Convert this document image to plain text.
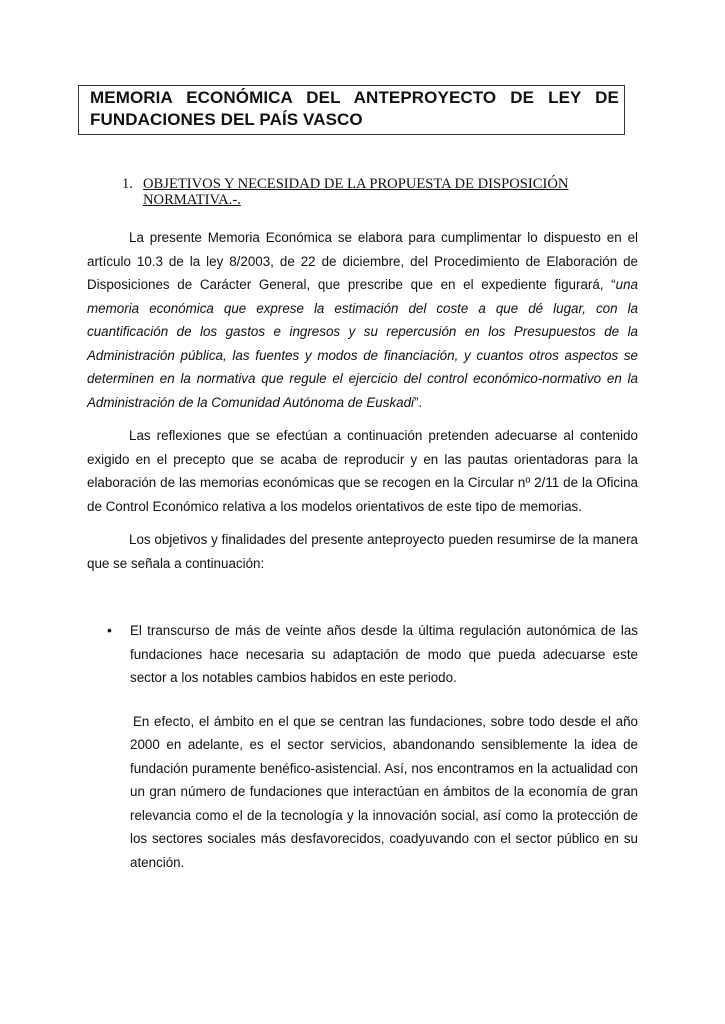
MEMORIA ECONÓMICA DEL ANTEPROYECTO DE LEY DE FUNDACIONES DEL PAÍS VASCO
1. OBJETIVOS Y NECESIDAD DE LA PROPUESTA DE DISPOSICIÓN NORMATIVA.-.

La presente Memoria Económica se elabora para cumplimentar lo dispuesto en el artículo 10.3 de la ley 8/2003, de 22 de diciembre, del Procedimiento de Elaboración de Disposiciones de Carácter General, que prescribe que en el expediente figurará, “una memoria económica que exprese la estimación del coste a que dé lugar, con la cuantificación de los gastos e ingresos y su repercusión en los Presupuestos de la Administración pública, las fuentes y modos de financiación, y cuantos otros aspectos se determinen en la normativa que regule el ejercicio del control económico-normativo en la Administración de la Comunidad Autónoma de Euskadi”.

Las reflexiones que se efectúan a continuación pretenden adecuarse al contenido exigido en el precepto que se acaba de reproducir y en las pautas orientadoras para la elaboración de las memorias económicas que se recogen en la Circular nº 2/11 de la Oficina de Control Económico relativa a los modelos orientativos de este tipo de memorias.

Los objetivos y finalidades del presente anteproyecto pueden resumirse de la manera que se señala a continuación:

• El transcurso de más de veinte años desde la última regulación autonómica de las fundaciones hace necesaria su adaptación de modo que pueda adecuarse este sector a los notables cambios habidos en este periodo.

En efecto, el ámbito en el que se centran las fundaciones, sobre todo desde el año 2000 en adelante, es el sector servicios, abandonando sensiblemente la idea de fundación puramente benéfico-asistencial. Así, nos encontramos en la actualidad con un gran número de fundaciones que interactúan en ámbitos de la economía de gran relevancia como el de la tecnología y la innovación social, así como la protección de los sectores sociales más desfavorecidos, coadyuvando con el sector público en su atención.
